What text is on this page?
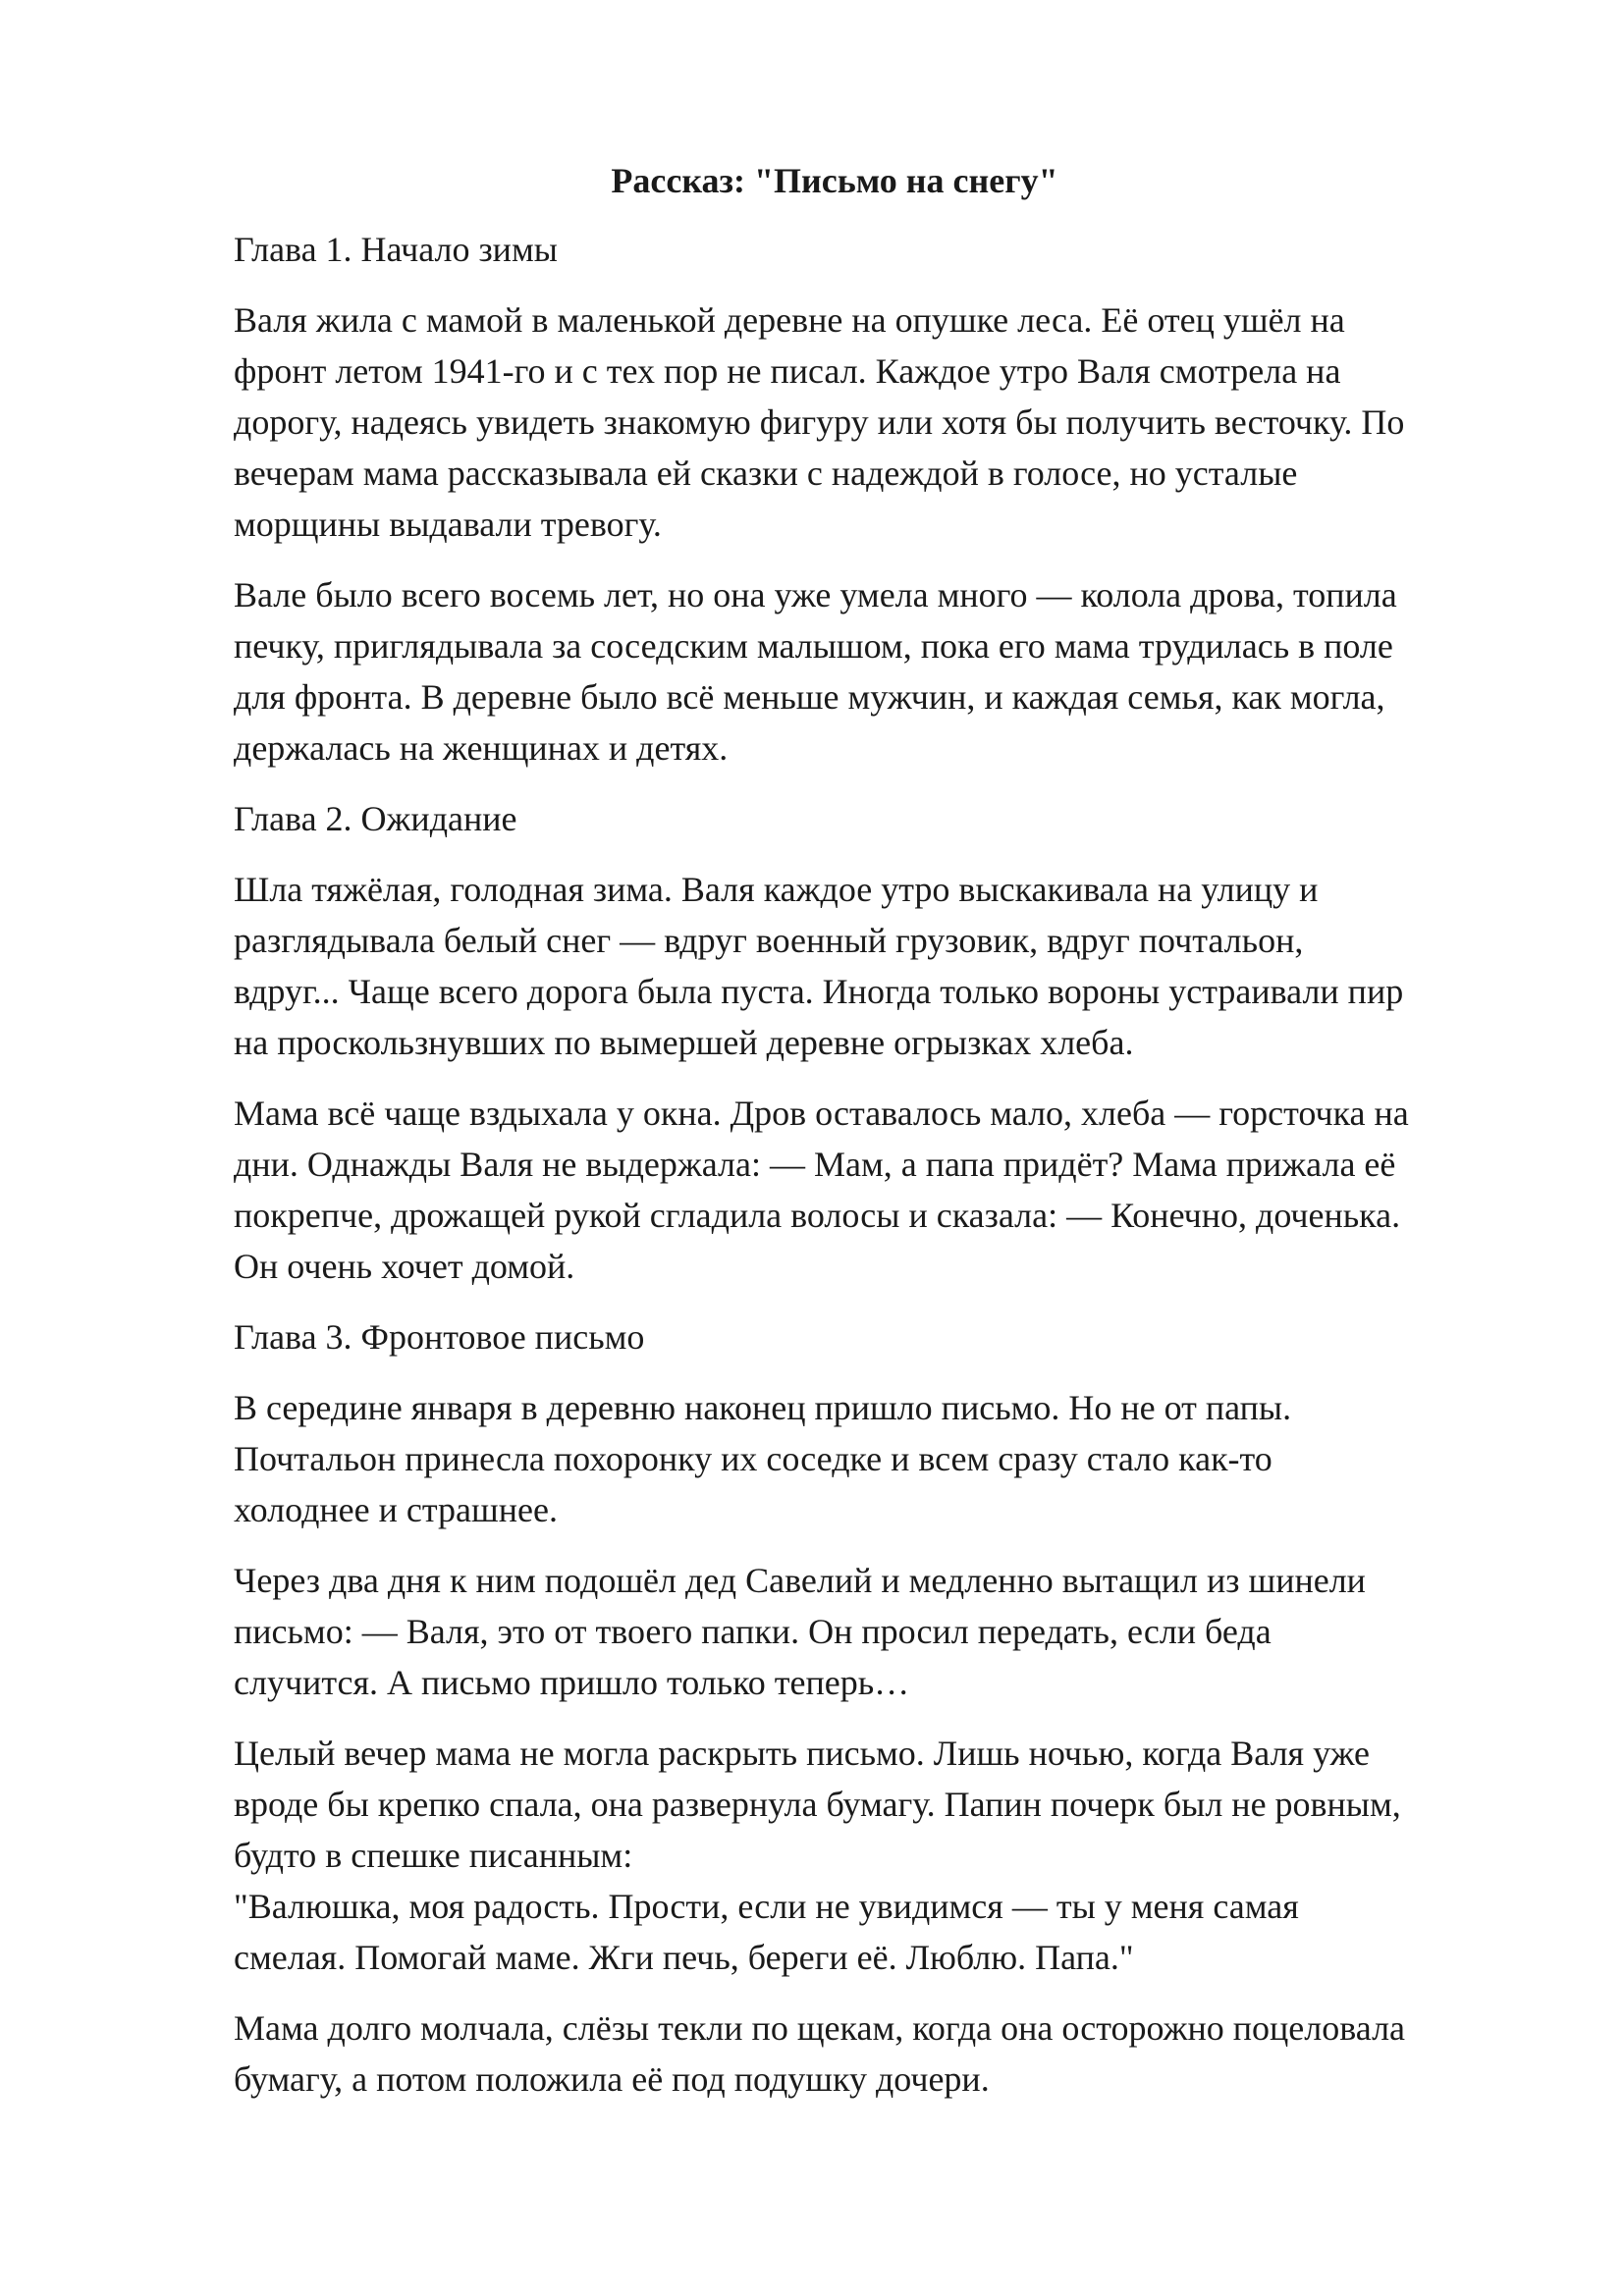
Рассказ: "Письмо на снегу"
Глава 1. Начало зимы
Валя жила с мамой в маленькой деревне на опушке леса. Её отец ушёл на
фронт летом 1941-го и с тех пор не писал. Каждое утро Валя смотрела на
дорогу, надеясь увидеть знакомую фигуру или хотя бы получить весточку. По
вечерам мама рассказывала ей сказки с надеждой в голосе, но усталые
морщины выдавали тревогу.
Вале было всего восемь лет, но она уже умела много — колола дрова, топила
печку, приглядывала за соседским малышом, пока его мама трудилась в поле
для фронта. В деревне было всё меньше мужчин, и каждая семья, как могла,
держалась на женщинах и детях.
Глава 2. Ожидание
Шла тяжёлая, голодная зима. Валя каждое утро выскакивала на улицу и
разглядывала белый снег — вдруг военный грузовик, вдруг почтальон,
вдруг... Чаще всего дорога была пуста. Иногда только вороны устраивали пир
на проскользнувших по вымершей деревне огрызках хлеба.
Мама всё чаще вздыхала у окна. Дров оставалось мало, хлеба — горсточка на
дни. Однажды Валя не выдержала: — Мам, а папа придёт? Мама прижала её
покрепче, дрожащей рукой сгладила волосы и сказала: — Конечно, доченька.
Он очень хочет домой.
Глава 3. Фронтовое письмо
В середине января в деревню наконец пришло письмо. Но не от папы.
Почтальон принесла похоронку их соседке и всем сразу стало как-то
холоднее и страшнее.
Через два дня к ним подошёл дед Савелий и медленно вытащил из шинели
письмо: — Валя, это от твоего папки. Он просил передать, если беда
случится. А письмо пришло только теперь…
Целый вечер мама не могла раскрыть письмо. Лишь ночью, когда Валя уже
вроде бы крепко спала, она развернула бумагу. Папин почерк был не ровным,
будто в спешке писанным:
"Валюшка, моя радость. Прости, если не увидимся — ты у меня самая
смелая. Помогай маме. Жги печь, береги её. Люблю. Папа."
Мама долго молчала, слёзы текли по щекам, когда она осторожно поцеловала
бумагу, а потом положила её под подушку дочери.
